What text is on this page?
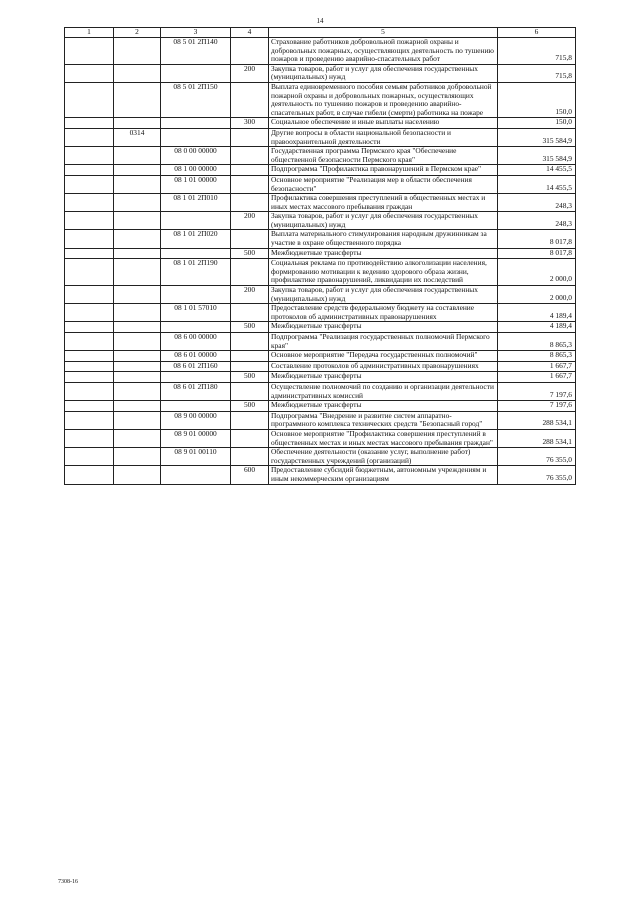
14
1	2	3	4	5	6
		08 5 01 2П140		Страхование работников добровольной пожарной охраны и добровольных пожарных, осуществляющих деятельность по тушению пожаров и проведению аварийно-спасательных работ	715,8
			200	Закупка товаров, работ и услуг для обеспечения государственных (муниципальных) нужд	715,8
		08 5 01 2П150		Выплата единовременного пособия семьям работников добровольной пожарной охраны и добровольных пожарных, осуществляющих деятельность по тушению пожаров и проведению аварийно-спасательных работ, в случае гибели (смерти) работника на пожаре	150,0
			300	Социальное обеспечение и иные выплаты населению	150,0
	0314			Другие вопросы в области национальной безопасности и правоохранительной деятельности	315 584,9
		08 0 00 00000		Государственная программа Пермского края "Обеспечение общественной безопасности Пермского края"	315 584,9
		08 1 00 00000		Подпрограмма "Профилактика правонарушений в Пермском крае"	14 455,5
		08 1 01 00000		Основное мероприятие "Реализация мер в области обеспечения безопасности"	14 455,5
		08 1 01 2П010		Профилактика совершения преступлений в общественных местах и иных местах массового пребывания граждан	248,3
			200	Закупка товаров, работ и услуг для обеспечения государственных (муниципальных) нужд	248,3
		08 1 01 2П020		Выплата материального стимулирования народным дружинникам за участие в охране общественного порядка	8 017,8
			500	Межбюджетные трансферты	8 017,8
		08 1 01 2П190		Социальная реклама по противодействию алкоголизации населения, формированию мотивации к ведению здорового образа жизни, профилактике правонарушений, ликвидации их последствий	2 000,0
			200	Закупка товаров, работ и услуг для обеспечения государственных (муниципальных) нужд	2 000,0
		08 1 01 57010		Предоставление средств федеральному бюджету на составление протоколов об административных правонарушениях	4 189,4
			500	Межбюджетные трансферты	4 189,4
		08 6 00 00000		Подпрограмма "Реализация государственных полномочий Пермского края"	8 865,3
		08 6 01 00000		Основное мероприятие "Передача государственных полномочий"	8 865,3
		08 6 01 2П160		Составление протоколов об административных правонарушениях	1 667,7
			500	Межбюджетные трансферты	1 667,7
		08 6 01 2П180		Осуществление полномочий по созданию и организации деятельности административных комиссий	7 197,6
			500	Межбюджетные трансферты	7 197,6
		08 9 00 00000		Подпрограмма "Внедрение и развитие систем аппаратно-программного комплекса технических средств "Безопасный город"	288 534,1
		08 9 01 00000		Основное мероприятие "Профилактика совершения преступлений в общественных местах и иных местах массового пребывания граждан"	288 534,1
		08 9 01 00110		Обеспечение деятельности (оказание услуг, выполнение работ) государственных учреждений (организаций)	76 355,0
			600	Предоставление субсидий бюджетным, автономным учреждениям и иным некоммерческим организациям	76 355,0
7308-16
